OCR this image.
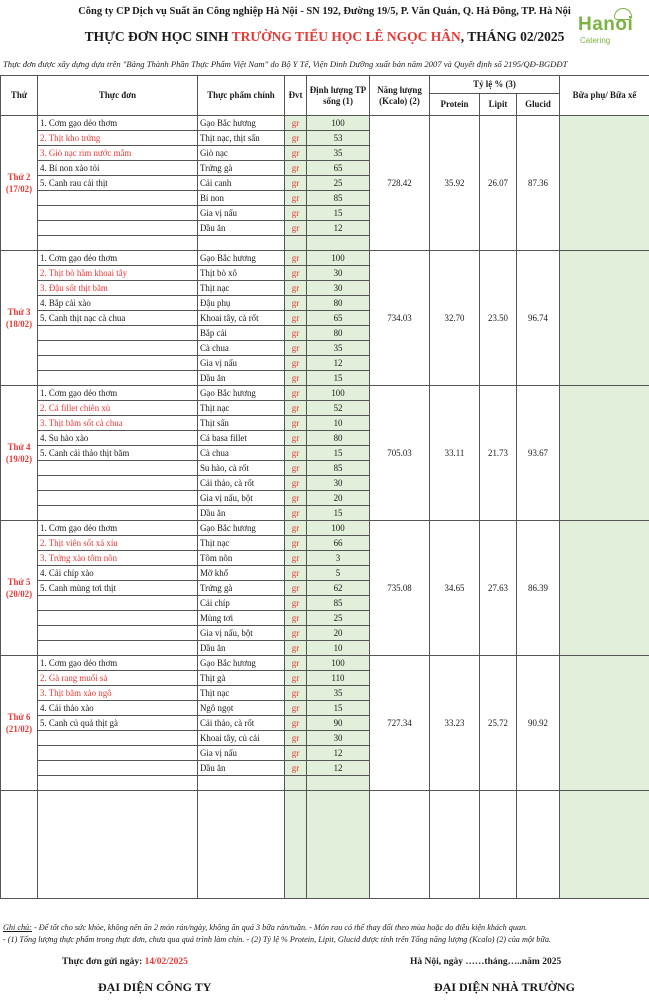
Công ty CP Dịch vụ Suất ăn Công nghiệp Hà Nội - SN 192, Đường 19/5, P. Văn Quán, Q. Hà Đông, TP. Hà Nội
Hanoi
Catering
THỰC ĐƠN HỌC SINH TRƯỜNG TIỂU HỌC LÊ NGỌC HÂN, THÁNG 02/2025
Thực đơn được xây dựng dựa trên "Bảng Thành Phần Thực Phẩm Việt Nam" do Bộ Y Tế, Viện Dinh Dưỡng xuất bản năm 2007 và Quyết định số 2195/QĐ-BGDĐT
Thứ	Thực đơn	Thực phẩm chính	Đvt	Định lượng TP sống (1)	Năng lượng (Kcalo) (2)	Tỷ lệ % (3)			Bữa phụ/ Bữa xế
						Protein	Lipit	Glucid	

Thứ 2
(17/02)	1. Cơm gạo dẻo thơm	Gạo Bắc hương	gr	100	728.42	35.92	26.07	87.36	
	2. Thịt kho trứng	Thịt nạc, thịt sấn	gr	53					
	3. Giò nạc rim nước mắm	Giò nạc	gr	35					
	4. Bí non xào tỏi	Trứng gà	gr	65					
	5. Canh rau cải thịt	Cải canh	gr	25					
		Bí non	gr	85					
		Gia vị nấu	gr	15					
		Dầu ăn	gr	12					

Thứ 3
(18/02)	1. Cơm gạo dẻo thơm	Gạo Bắc hương	gr	100	734.03	32.70	23.50	96.74	
	2. Thịt bò hầm khoai tây	Thịt bò xô	gr	30					
	3. Đậu sốt thịt băm	Thịt nạc	gr	30					
	4. Bắp cải xào	Đậu phụ	gr	80					
	5. Canh thịt nạc cà chua	Khoai tây, cà rốt	gr	65					
		Bắp cải	gr	80					
		Cà chua	gr	35					
		Gia vị nấu	gr	12					
		Dầu ăn	gr	15					

Thứ 4
(19/02)	1. Cơm gạo dẻo thơm	Gạo Bắc hương	gr	100	705.03	33.11	21.73	93.67	
	2. Cá fillet chiên xù	Thịt nạc	gr	52					
	3. Thịt băm sốt cà chua	Thịt sấn	gr	10					
	4. Su hào xào	Cá basa fillet	gr	80					
	5. Canh cải thảo thịt băm	Cà chua	gr	15					
		Su hào, cà rốt	gr	85					
		Cải thảo, cà rốt	gr	30					
		Gia vị nấu, bột	gr	20					
		Dầu ăn	gr	15					

Thứ 5
(20/02)	1. Cơm gạo dẻo thơm	Gạo Bắc hương	gr	100	735.08	34.65	27.63	86.39	
	2. Thịt viên sốt xá xíu	Thịt nạc	gr	66					
	3. Trứng xào tôm nõn	Tôm nõn	gr	3					
	4. Cải chíp xào	Mỡ khổ	gr	5					
	5. Canh mùng tơi thịt	Trứng gà	gr	62					
		Cải chíp	gr	85					
		Mùng tơi	gr	25					
		Gia vị nấu, bột	gr	20					
		Dầu ăn	gr	10					

Thứ 6
(21/02)	1. Cơm gạo dẻo thơm	Gạo Bắc hương	gr	100	727.34	33.23	25.72	90.92	
	2. Gà rang muối sả	Thịt gà	gr	110					
	3. Thịt băm xào ngô	Thịt nạc	gr	35					
	4. Cải thảo xào	Ngô ngọt	gr	15					
	5. Canh củ quả thịt gà	Cải thảo, cà rốt	gr	90					
		Khoai tây, củ cải	gr	30					
		Gia vị nấu	gr	12					
		Dầu ăn	gr	12					

Ghi chú: - Để tốt cho sức khỏe, không nên ăn 2 món rán/ngày, không ăn quá 3 bữa rán/tuần. - Món rau có thể thay đổi theo mùa hoặc do điều kiện khách quan.
- (1) Tổng lượng thực phẩm trong thực đơn, chưa qua quá trình làm chín. - (2) Tỷ lệ % Protein, Lipit, Glucid được tính trên Tổng năng lượng (Kcalo) (2) của một bữa.
Thực đơn gửi ngày: 14/02/2025	Hà Nội, ngày ……tháng…..năm 2025
ĐẠI DIỆN CÔNG TY	ĐẠI DIỆN NHÀ TRƯỜNG
